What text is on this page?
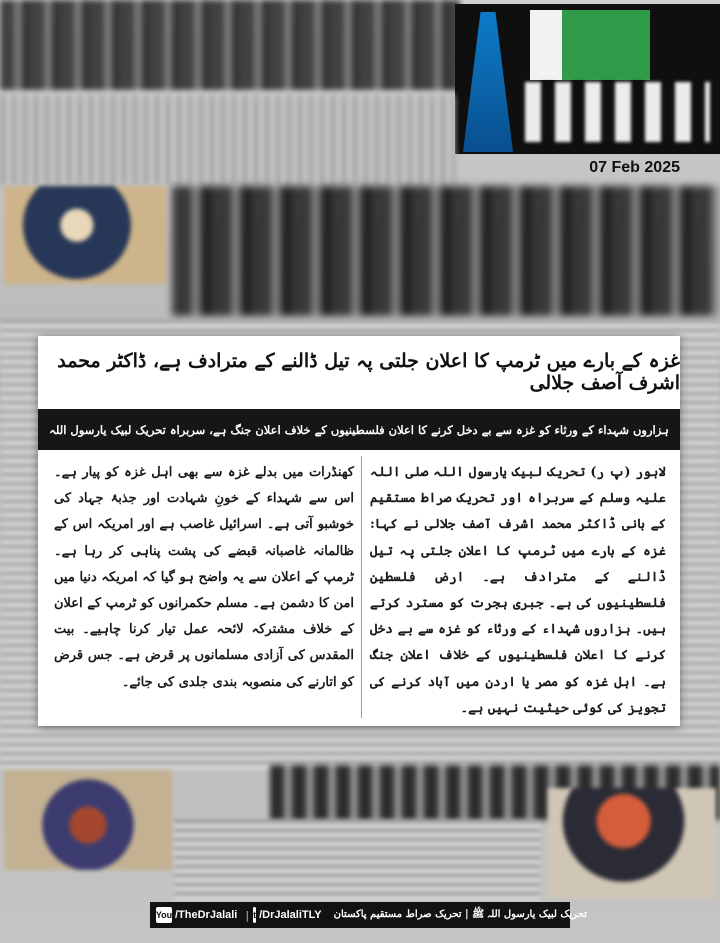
07 Feb 2025
غزہ کے بارے میں ٹرمپ کا اعلان جلتی پہ تیل ڈالنے کے مترادف ہے، ڈاکٹر محمد اشرف آصف جلالی
ہزاروں شہداء کے ورثاء کو غزہ سے بے دخل کرنے کا اعلان فلسطینیوں کے خلاف اعلان جنگ ہے، سربراہ تحریک لبیک یارسول اللہ
لاہور (پ ر) تحریک لبیک یارسول اللہ صلی اللہ علیہ وسلم کے سربراہ اور تحریک صراط مستقیم کے بانی ڈاکٹر محمد اشرف آصف جلالی نے کہا: غزہ کے بارے میں ٹرمپ کا اعلان جلتی پہ تیل ڈالنے کے مترادف ہے۔ ارض فلسطین فلسطینیوں کی ہے۔ جبری ہجرت کو مسترد کرتے ہیں۔ ہزاروں شہداء کے ورثاء کو غزہ سے بے دخل کرنے کا اعلان فلسطینیوں کے خلاف اعلان جنگ ہے۔ اہل غزہ کو مصر یا اردن میں آباد کرنے کی تجویز کی کوئی حیثیت نہیں ہے۔
کھنڈرات میں بدلے غزہ سے بھی اہل غزہ کو پیار ہے۔ اس سے شہداء کے خونِ شہادت اور جذبۂ جہاد کی خوشبو آتی ہے۔ اسرائیل غاصب ہے اور امریکہ اس کے ظالمانہ غاصبانہ قبضے کی پشت پناہی کر رہا ہے۔ ٹرمپ کے اعلان سے یہ واضح ہو گیا کہ امریکہ دنیا میں امن کا دشمن ہے۔ مسلم حکمرانوں کو ٹرمپ کے اعلان کے خلاف مشترکہ لائحہ عمل تیار کرنا چاہیے۔ بیت المقدس کی آزادی مسلمانوں پر قرض ہے۔ جس قرض کو اتارنے کی منصوبہ بندی جلدی کی جائے۔
You /TheDrJalali | t /DrJalaliTLY تحریک لبیک یارسول اللہ ﷺ | تحریک صراط مستقیم پاکستان
